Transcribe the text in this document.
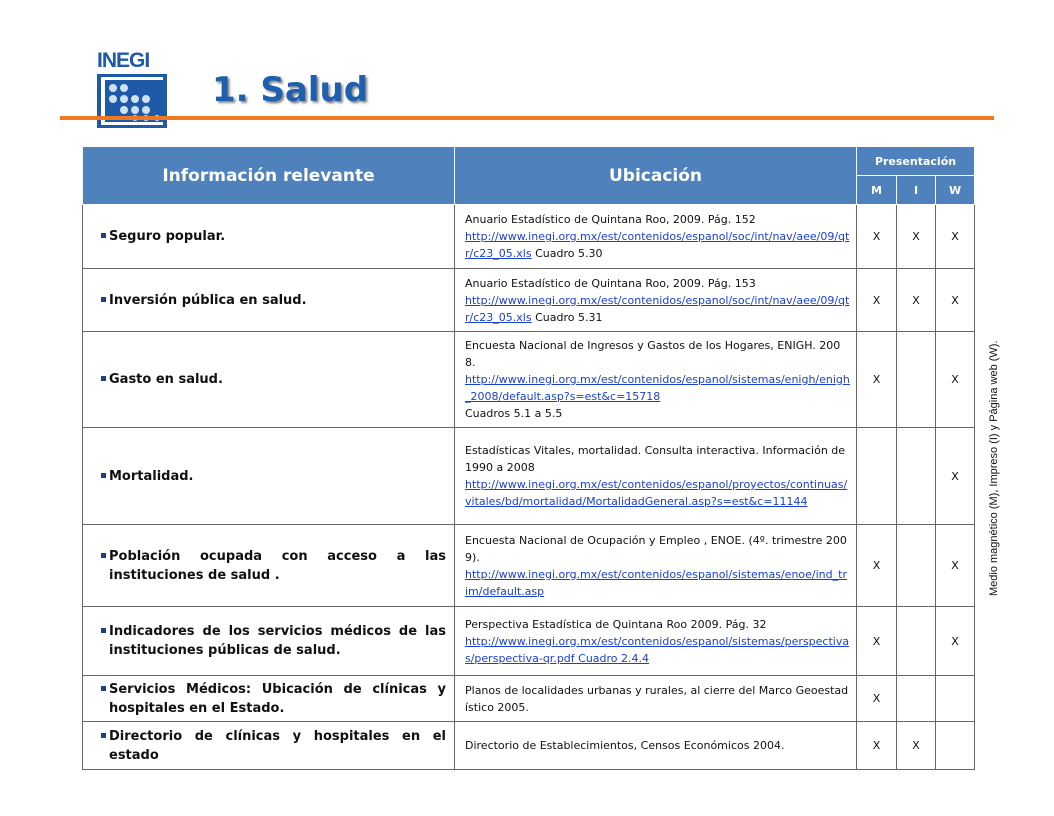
INEGI
1. Salud
Información relevante	Ubicación	Presentación		
		M	I	W

Seguro popular.	Anuario Estadístico de Quintana Roo, 2009. Pág. 152
http://www.inegi.org.mx/est/contenidos/espanol/soc/int/nav/aee/09/qtr/c23_05.xls Cuadro 5.30	X	X	X

Inversión pública en salud.	Anuario Estadístico de Quintana Roo, 2009. Pág. 153
http://www.inegi.org.mx/est/contenidos/espanol/soc/int/nav/aee/09/qtr/c23_05.xls Cuadro 5.31	X	X	X

Gasto en salud.	Encuesta Nacional de Ingresos y Gastos de los Hogares, ENIGH. 2008.
http://www.inegi.org.mx/est/contenidos/espanol/sistemas/enigh/enigh_2008/default.asp?s=est&c=15718
Cuadros 5.1 a 5.5	X		X

Mortalidad.	Estadísticas Vitales, mortalidad. Consulta interactiva. Información de 1990 a 2008
http://www.inegi.org.mx/est/contenidos/espanol/proyectos/continuas/vitales/bd/mortalidad/MortalidadGeneral.asp?s=est&c=11144			X

Población ocupada con acceso a las instituciones de salud .	Encuesta Nacional de Ocupación y Empleo , ENOE. (4º. trimestre 2009).
http://www.inegi.org.mx/est/contenidos/espanol/sistemas/enoe/ind_trim/default.asp	X		X

Indicadores de los servicios médicos de las instituciones públicas de salud.	Perspectiva Estadística de Quintana Roo 2009. Pág. 32
http://www.inegi.org.mx/est/contenidos/espanol/sistemas/perspectivas/perspectiva-qr.pdf Cuadro 2.4.4	X		X

Servicios Médicos: Ubicación de clínicas y hospitales en el Estado.	Planos de localidades urbanas y rurales, al cierre del Marco Geoestadístico 2005.	X		

Directorio de clínicas y hospitales en el estado	Directorio de Establecimientos, Censos Económicos 2004.	X	X	
Medio magnético (M), Impreso (I) y Página web (W).
